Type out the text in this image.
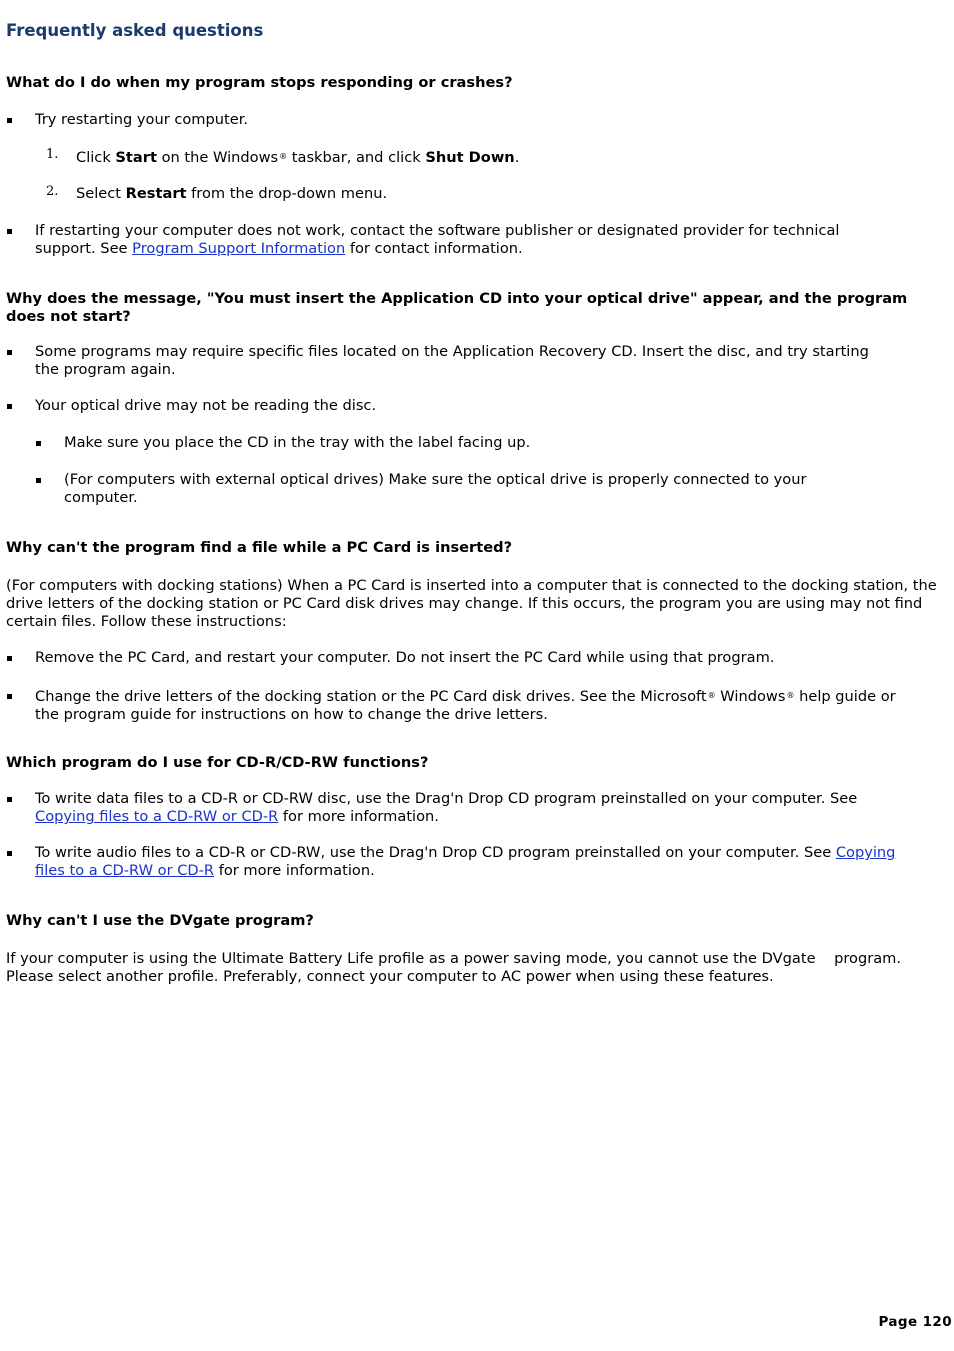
Frequently asked questions
What do I do when my program stops responding or crashes?
Try restarting your computer.
1. Click Start on the Windows® taskbar, and click Shut Down.
2. Select Restart from the drop-down menu.
If restarting your computer does not work, contact the software publisher or designated provider for technical support. See Program Support Information for contact information.
Why does the message, "You must insert the Application CD into your optical drive" appear, and the program does not start?
Some programs may require specific files located on the Application Recovery CD. Insert the disc, and try starting the program again.
Your optical drive may not be reading the disc.
Make sure you place the CD in the tray with the label facing up.
(For computers with external optical drives) Make sure the optical drive is properly connected to your computer.
Why can't the program find a file while a PC Card is inserted?
(For computers with docking stations) When a PC Card is inserted into a computer that is connected to the docking station, the drive letters of the docking station or PC Card disk drives may change. If this occurs, the program you are using may not find certain files. Follow these instructions:
Remove the PC Card, and restart your computer. Do not insert the PC Card while using that program.
Change the drive letters of the docking station or the PC Card disk drives. See the Microsoft® Windows® help guide or the program guide for instructions on how to change the drive letters.
Which program do I use for CD-R/CD-RW functions?
To write data files to a CD-R or CD-RW disc, use the Drag'n Drop CD program preinstalled on your computer. See Copying files to a CD-RW or CD-R for more information.
To write audio files to a CD-R or CD-RW, use the Drag'n Drop CD program preinstalled on your computer. See Copying files to a CD-RW or CD-R for more information.
Why can't I use the DVgate program?
If your computer is using the Ultimate Battery Life profile as a power saving mode, you cannot use the DVgate    program. Please select another profile. Preferably, connect your computer to AC power when using these features.
Page 120
